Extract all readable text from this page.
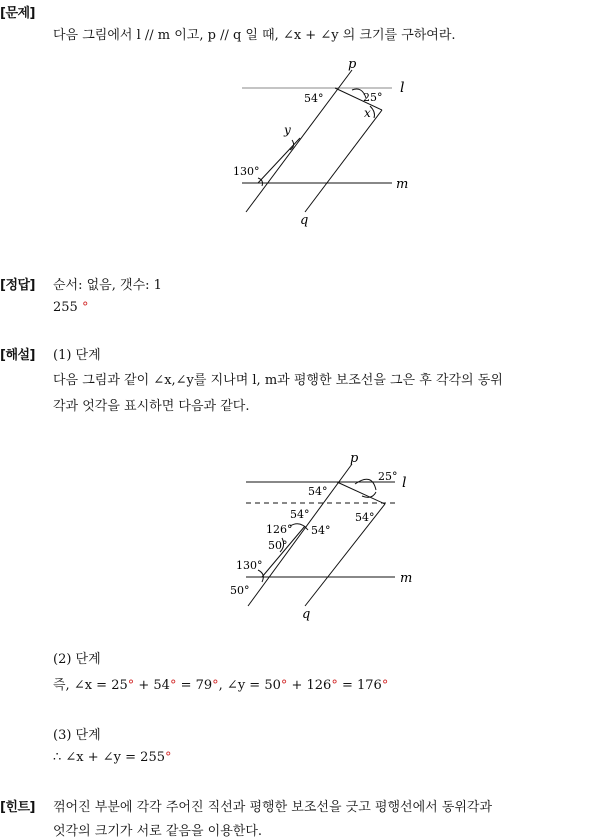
[문제]
다음 그림에서 l // m 이고, p // q 일 때, ∠x + ∠y 의 크기를 구하여라.
p
l
m
q
54°	25°
x
y
130°
[정답] 순서: 없음, 갯수: 1
255 °
[해설] (1) 단계
다음 그림과 같이 ∠x,∠y를 지나며 l, m과 평행한 보조선을 그은 후 각각의 동위
각과 엇각을 표시하면 다음과 같다.
p
l
m
q
25°
54°
54°
54°
126° 54°
50°
130°
50°
(2) 단계
즉, ∠x = 25° + 54° = 79°, ∠y = 50° + 126° = 176°
(3) 단계
∴ ∠x + ∠y = 255°
[힌트] 꺾어진 부분에 각각 주어진 직선과 평행한 보조선을 긋고 평행선에서 동위각과
엇각의 크기가 서로 같음을 이용한다.
